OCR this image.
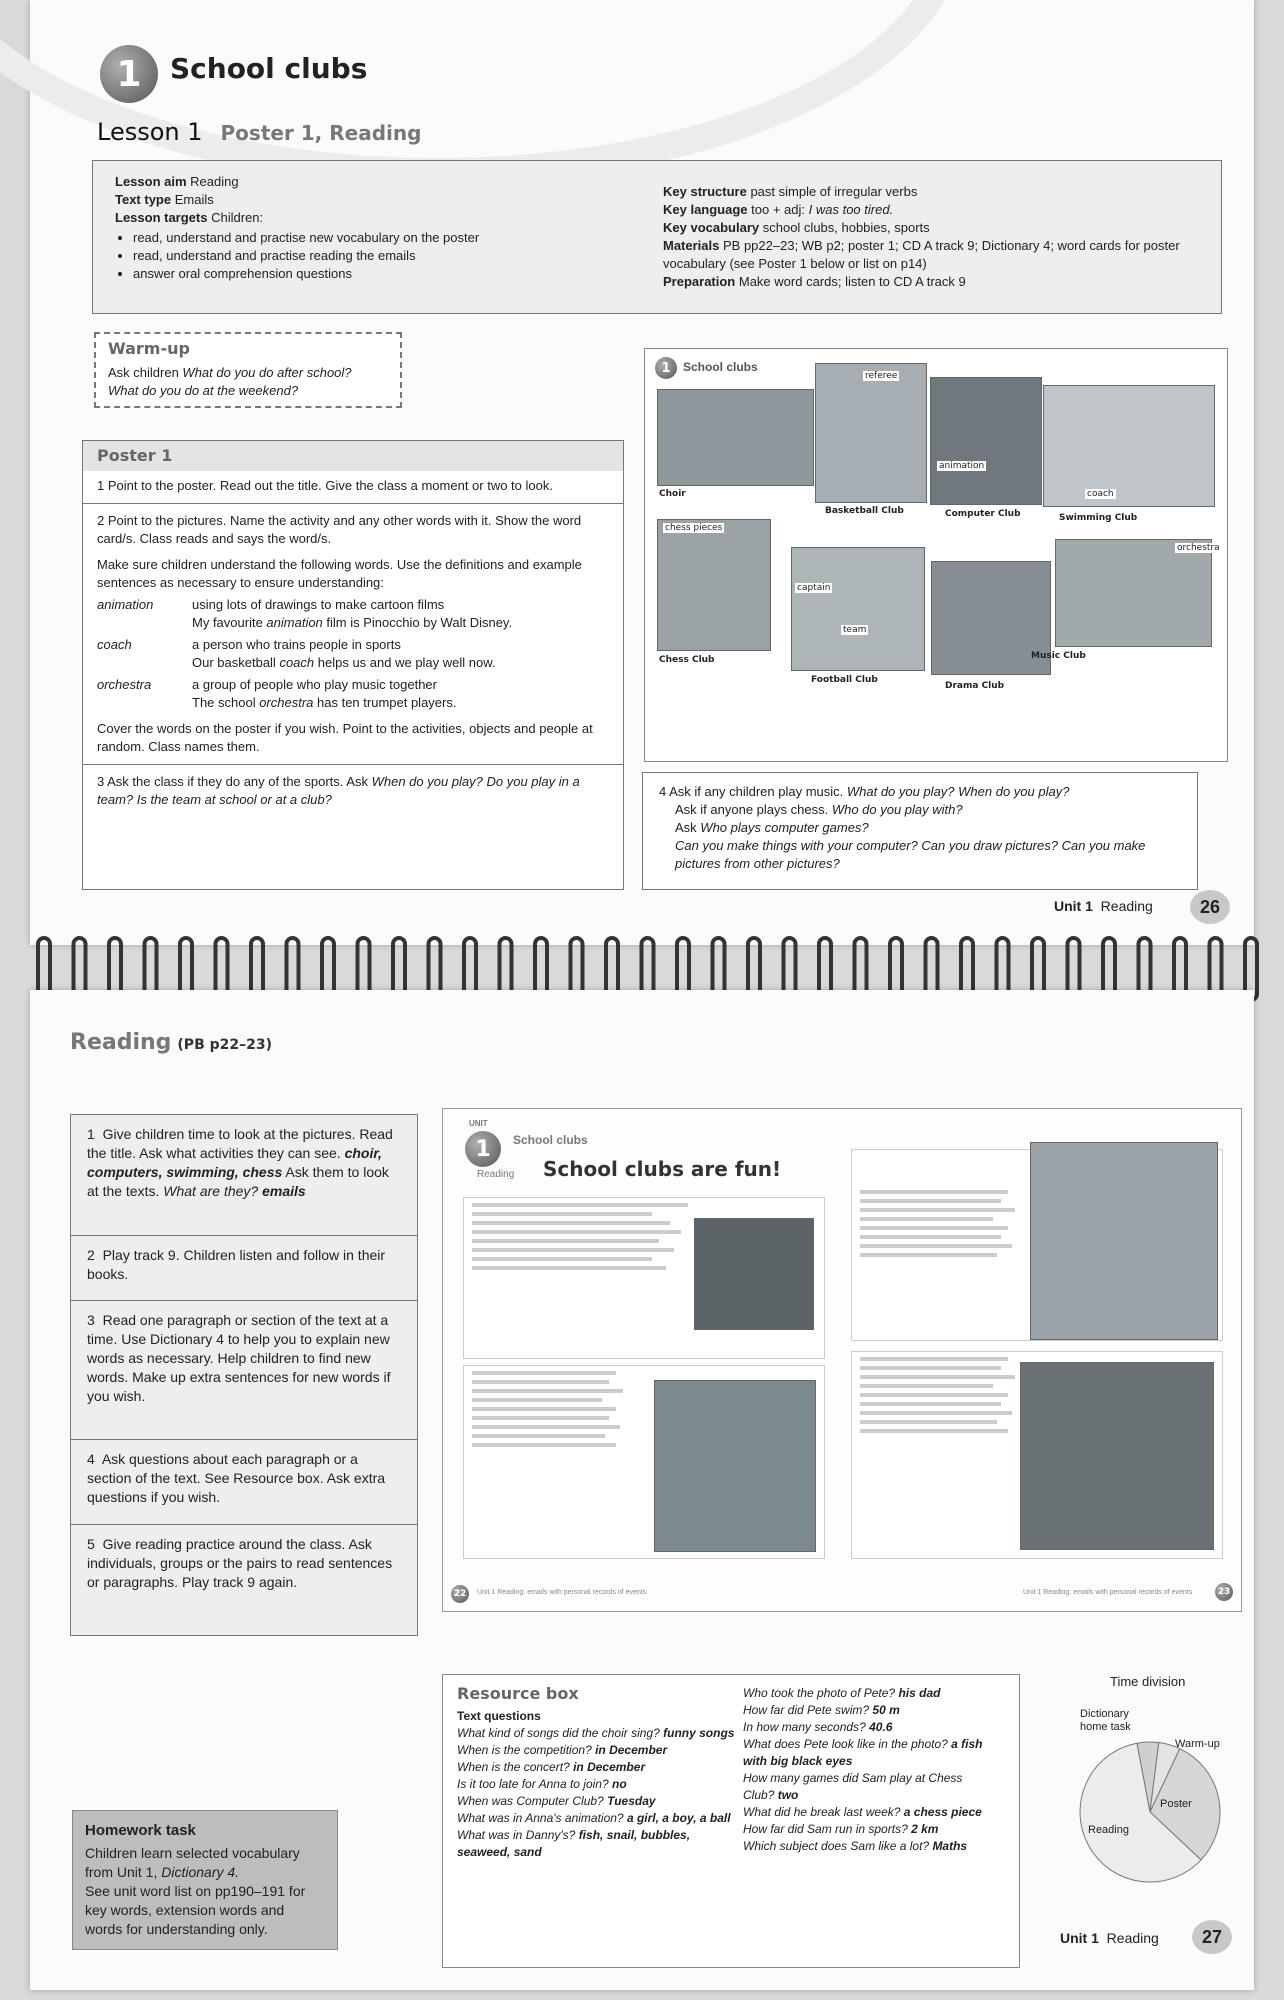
1	School clubs
Lesson 1 Poster 1, Reading
Lesson aim Reading
Text type Emails
Lesson targets Children:
• read, understand and practise new vocabulary on the poster
• read, understand and practise reading the emails
• answer oral comprehension questions
Key structure past simple of irregular verbs
Key language too + adj: I was too tired.
Key vocabulary school clubs, hobbies, sports
Materials PB pp22–23; WB p2; poster 1; CD A track 9; Dictionary 4; word cards for poster vocabulary (see Poster 1 below or list on p14)
Preparation Make word cards; listen to CD A track 9
Warm-up
Ask children What do you do after school?
What do you do at the weekend?
Poster 1
1 Point to the poster. Read out the title. Give the class a moment or two to look.
2 Point to the pictures. Name the activity and any other words with it. Show the word card/s. Class reads and says the word/s.
Make sure children understand the following words. Use the definitions and example sentences as necessary to ensure understanding:
animation	using lots of drawings to make cartoon films
My favourite animation film is Pinocchio by Walt Disney.
coach	a person who trains people in sports
Our basketball coach helps us and we play well now.
orchestra	a group of people who play music together
The school orchestra has ten trumpet players.
Cover the words on the poster if you wish. Point to the activities, objects and people at random. Class names them.
3 Ask the class if they do any of the sports. Ask When do you play? Do you play in a team? Is the team at school or at a club?
1	School clubs
Choir
Basketball Club	Computer Club	Swimming Club
Chess Club
Football Club
Drama Club
Music Club
referee
animation
coach
chess pieces
captain
team
orchestra
4 Ask if any children play music. What do you play? When do you play?
Ask if anyone plays chess. Who do you play with?
Ask Who plays computer games?
Can you make things with your computer? Can you draw pictures? Can you make pictures from other pictures?
Unit 1 Reading	26
Reading (PB p22–23)
1 Give children time to look at the pictures. Read the title. Ask what activities they can see. choir, computers, swimming, chess Ask them to look at the texts. What are they? emails
2 Play track 9. Children listen and follow in their books.
3 Read one paragraph or section of the text at a time. Use Dictionary 4 to help you to explain new words as necessary. Help children to find new words. Make up extra sentences for new words if you wish.
4 Ask questions about each paragraph or a section of the text. See Resource box. Ask extra questions if you wish.
5 Give reading practice around the class. Ask individuals, groups or the pairs to read sentences or paragraphs. Play track 9 again.
1
UNIT
School clubs
Reading School clubs are fun!
22	Unit 1 Reading: emails with personal records of events	Unit 1 Reading: emails with personal records of events	23
Homework task
Children learn selected vocabulary from Unit 1, Dictionary 4.
See unit word list on pp190–191 for key words, extension words and words for understanding only.
Resource box

Text questions

What kind of songs did the choir sing? funny songs

When is the competition? in December

When is the concert? in December

Is it too late for Anna to join? no

When was Computer Club? Tuesday

What was in Anna's animation? a girl, a boy, a ball

What was in Danny's? fish, snail, bubbles, seaweed, sand

Who took the photo of Pete? his dad

How far did Pete swim? 50 m

In how many seconds? 40.6

What does Pete look like in the photo? a fish with big black eyes

How many games did Sam play at Chess Club? two

What did he break last week? a chess piece

How far did Sam run in sports? 2 km

Which subject does Sam like a lot? Maths

Time division
Dictionary home task
Warm-up
Poster
Reading
Unit 1 Reading	27
